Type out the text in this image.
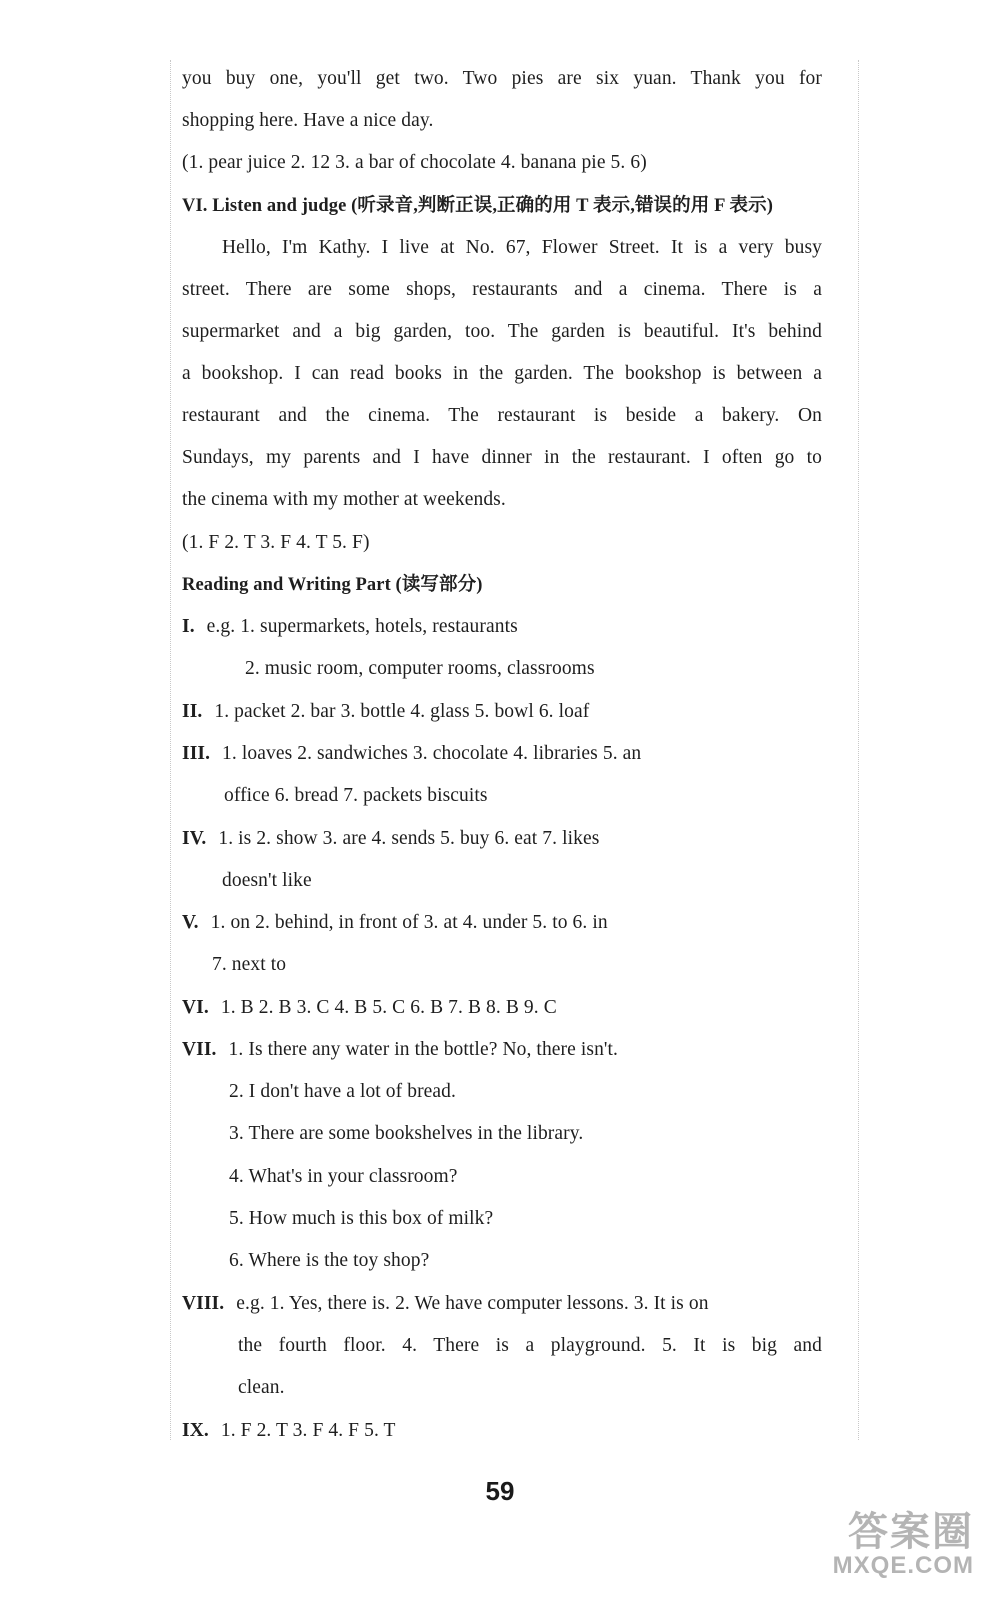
you buy one, you'll get two. Two pies are six yuan. Thank you for
shopping here. Have a nice day.
(1. pear juice 2. 12 3. a bar of chocolate 4. banana pie 5. 6)
VI. Listen and judge (听录音,判断正误,正确的用 T 表示,错误的用 F 表示)
Hello, I'm Kathy. I live at No. 67, Flower Street. It is a very busy
street. There are some shops, restaurants and a cinema. There is a
supermarket and a big garden, too. The garden is beautiful. It's behind
a bookshop. I can read books in the garden. The bookshop is between a
restaurant and the cinema. The restaurant is beside a bakery. On
Sundays, my parents and I have dinner in the restaurant. I often go to
the cinema with my mother at weekends.
(1. F 2. T 3. F 4. T 5. F)
Reading and Writing Part (读写部分)
I. e.g. 1. supermarkets, hotels, restaurants
2. music room, computer rooms, classrooms
II. 1. packet 2. bar 3. bottle 4. glass 5. bowl 6. loaf
III. 1. loaves 2. sandwiches 3. chocolate 4. libraries 5. an
office 6. bread 7. packets biscuits
IV. 1. is 2. show 3. are 4. sends 5. buy 6. eat 7. likes
doesn't like
V. 1. on 2. behind, in front of 3. at 4. under 5. to 6. in
7. next to
VI. 1. B 2. B 3. C 4. B 5. C 6. B 7. B 8. B 9. C
VII. 1. Is there any water in the bottle? No, there isn't.
2. I don't have a lot of bread.
3. There are some bookshelves in the library.
4. What's in your classroom?
5. How much is this box of milk?
6. Where is the toy shop?
VIII. e.g. 1. Yes, there is. 2. We have computer lessons. 3. It is on
the fourth floor. 4. There is a playground. 5. It is big and
clean.
IX. 1. F 2. T 3. F 4. F 5. T
59
答案圈
MXQE.COM
